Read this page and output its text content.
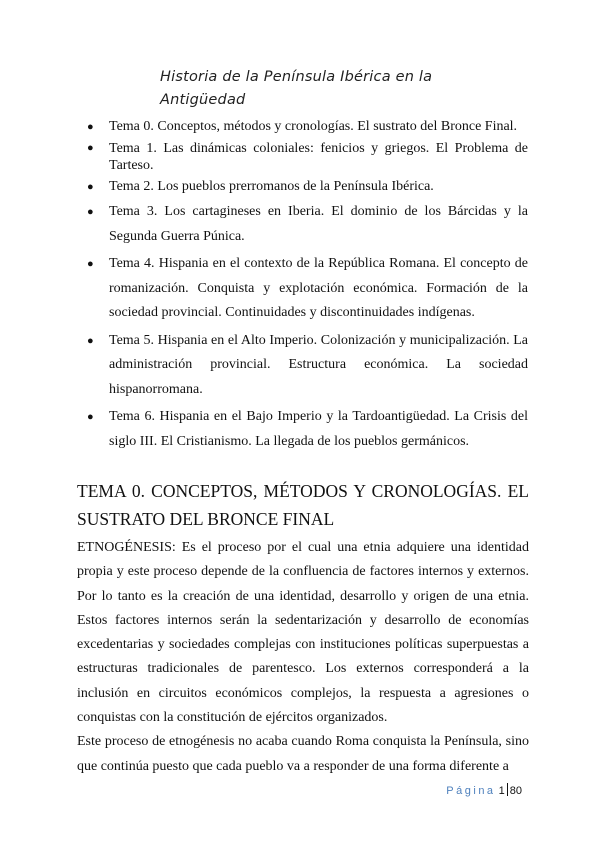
Historia de la Península Ibérica en la Antigüedad
● Tema 0. Conceptos, métodos y cronologías. El sustrato del Bronce Final.
● Tema 1. Las dinámicas coloniales: fenicios y griegos. El Problema de Tarteso.
● Tema 2. Los pueblos prerromanos de la Península Ibérica.
● Tema 3. Los cartagineses en Iberia. El dominio de los Bárcidas y la Segunda Guerra Púnica.
● Tema 4. Hispania en el contexto de la República Romana. El concepto de romanización. Conquista y explotación económica. Formación de la sociedad provincial. Continuidades y discontinuidades indígenas.
● Tema 5. Hispania en el Alto Imperio. Colonización y municipalización. La administración provincial. Estructura económica. La sociedad hispanorromana.
● Tema 6. Hispania en el Bajo Imperio y la Tardoantigüedad. La Crisis del siglo III. El Cristianismo. La llegada de los pueblos germánicos.
TEMA 0. CONCEPTOS, MÉTODOS Y CRONOLOGÍAS. EL SUSTRATO DEL BRONCE FINAL

ETNOGÉNESIS: Es el proceso por el cual una etnia adquiere una identidad propia y este proceso depende de la confluencia de factores internos y externos. Por lo tanto es la creación de una identidad, desarrollo y origen de una etnia. Estos factores internos serán la sedentarización y desarrollo de economías excedentarias y sociedades complejas con instituciones políticas superpuestas a estructuras tradicionales de parentesco. Los externos corresponderá a la inclusión en circuitos económicos complejos, la respuesta a agresiones o conquistas con la constitución de ejércitos organizados.

Este proceso de etnogénesis no acaba cuando Roma conquista la Península, sino que continúa puesto que cada pueblo va a responder de una forma diferente a

Página 1 80
